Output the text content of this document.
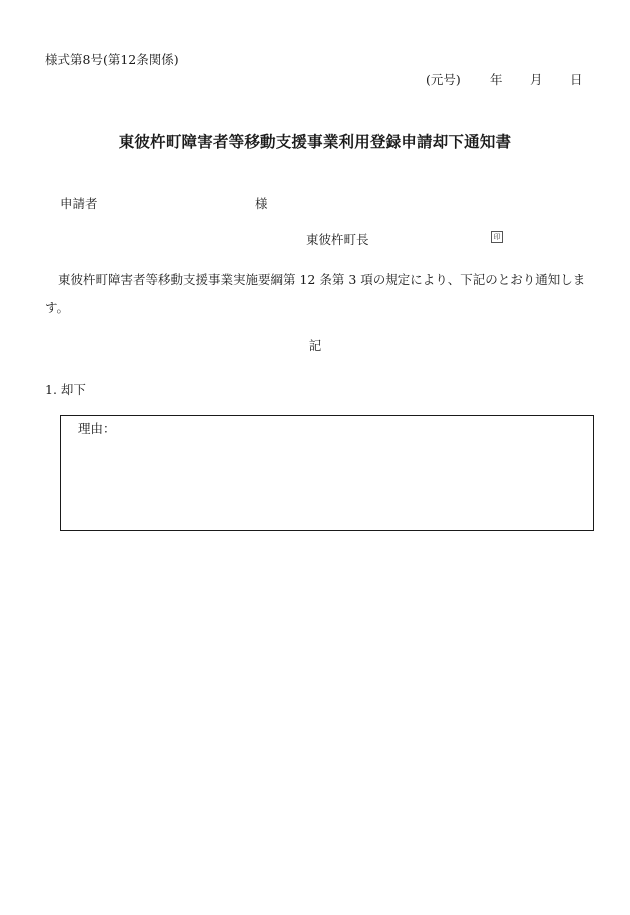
様式第8号(第12条関係)
(元号) 年 月 日
東彼杵町障害者等移動支援事業利用登録申請却下通知書
申請者	様
東彼杵町長	印
東彼杵町障害者等移動支援事業実施要綱第 12 条第 3 項の規定により、下記のとおり通知します。
記
1. 却下
理由：
